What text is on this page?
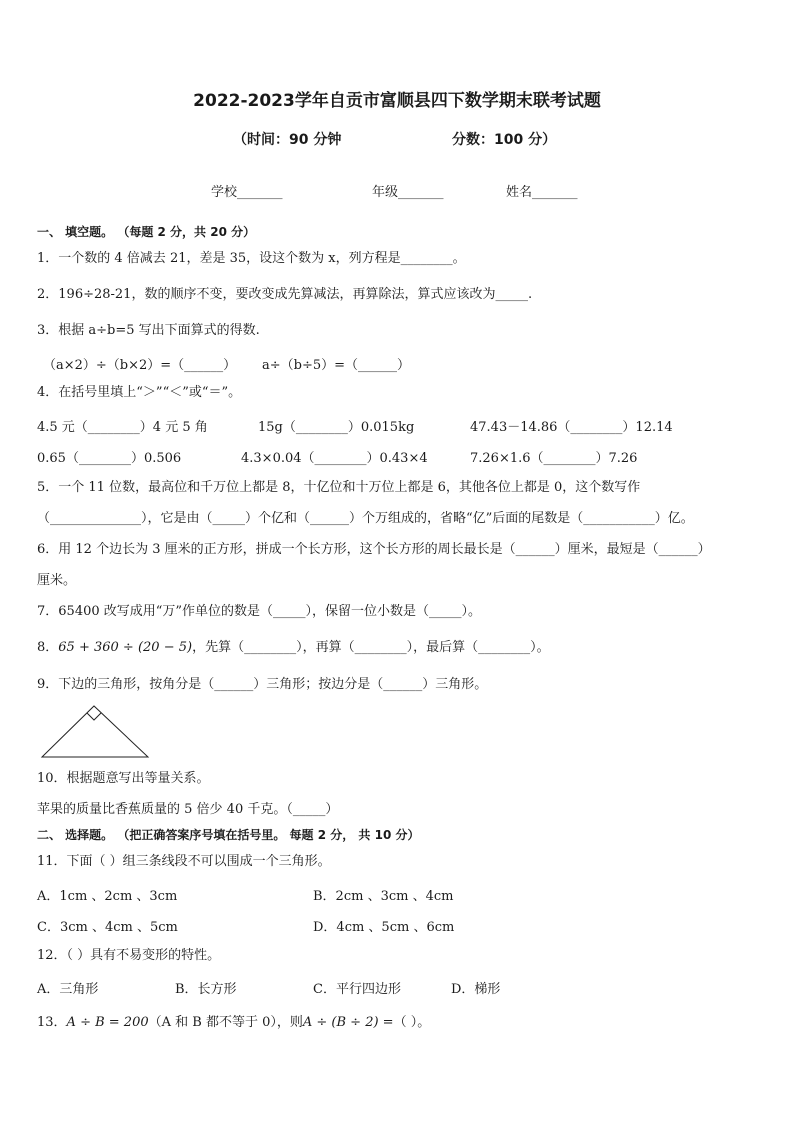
2022-2023学年自贡市富顺县四下数学期末联考试题
（时间：90 分钟	分数：100 分）
学校_______	年级_______	姓名_______
一、 填空题。 （每题 2 分，共 20 分）
1．一个数的 4 倍减去 21，差是 35，设这个数为 x，列方程是________。
2．196÷28-21，数的顺序不变，要改变成先算减法，再算除法，算式应该改为_____.
3．根据 a÷b=5 写出下面算式的得数.
（a×2）÷（b×2）=（______） a÷（b÷5）=（______）
4．在括号里填上“＞”“＜”或“＝”。
4.5 元（________）4 元 5 角	15g（________）0.015kg	47.43－14.86（________）12.14
0.65（________）0.506	4.3×0.04（________）0.43×4	7.26×1.6（________）7.26
5．一个 11 位数，最高位和千万位上都是 8，十亿位和十万位上都是 6，其他各位上都是 0，这个数写作
（______________），它是由（_____）个亿和（______）个万组成的，省略“亿”后面的尾数是（___________）亿。
6．用 12 个边长为 3 厘米的正方形，拼成一个长方形，这个长方形的周长最长是（______）厘米，最短是（______）
厘米。
7．65400 改写成用“万”作单位的数是（_____），保留一位小数是（_____）。
8．65 + 360 ÷ (20 − 5)，先算（________），再算（________），最后算（________）。
9．下边的三角形，按角分是（______）三角形；按边分是（______）三角形。
10．根据题意写出等量关系。
苹果的质量比香蕉质量的 5 倍少 40 千克。（_____）
二、 选择题。 （把正确答案序号填在括号里。 每题 2 分， 共 10 分）
11．下面（ ）组三条线段不可以围成一个三角形。
A．1cm 、2cm 、3cm	B．2cm 、3cm 、4cm
C．3cm 、4cm 、5cm	D．4cm 、5cm 、6cm
12．（ ）具有不易变形的特性。
A．三角形	B．长方形	C．平行四边形	D．梯形
13．A ÷ B = 200（A 和 B 都不等于 0），则A ÷ (B ÷ 2) =（ ）。
